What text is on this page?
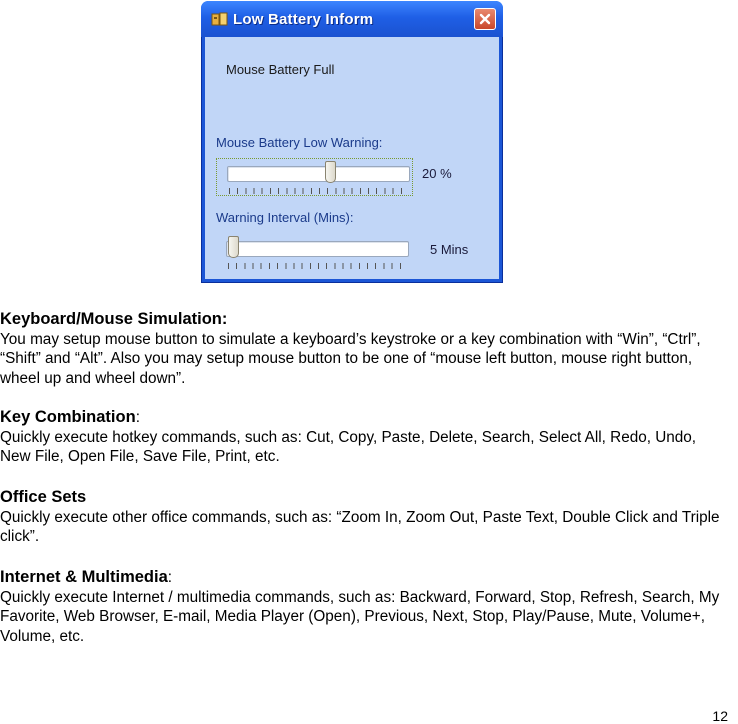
Low Battery Inform
Mouse Battery Full
Mouse Battery Low Warning:
20 %
Warning Interval (Mins):
5 Mins

Keyboard/Mouse Simulation:

You may setup mouse button to simulate a keyboard’s keystroke or a key combination with “Win”, “Ctrl”, “Shift” and “Alt”. Also you may setup mouse button to be one of “mouse left button, mouse right button, wheel up and wheel down”.

Key Combination:

Quickly execute hotkey commands, such as: Cut, Copy, Paste, Delete, Search, Select All, Redo, Undo, New File, Open File, Save File, Print, etc.

Office Sets

Quickly execute other office commands, such as: “Zoom In, Zoom Out, Paste Text, Double Click and Triple click”.

Internet & Multimedia:

Quickly execute Internet / multimedia commands, such as: Backward, Forward, Stop, Refresh, Search, My Favorite, Web Browser, E-mail, Media Player (Open), Previous, Next, Stop, Play/Pause, Mute, Volume+, Volume, etc.

12
